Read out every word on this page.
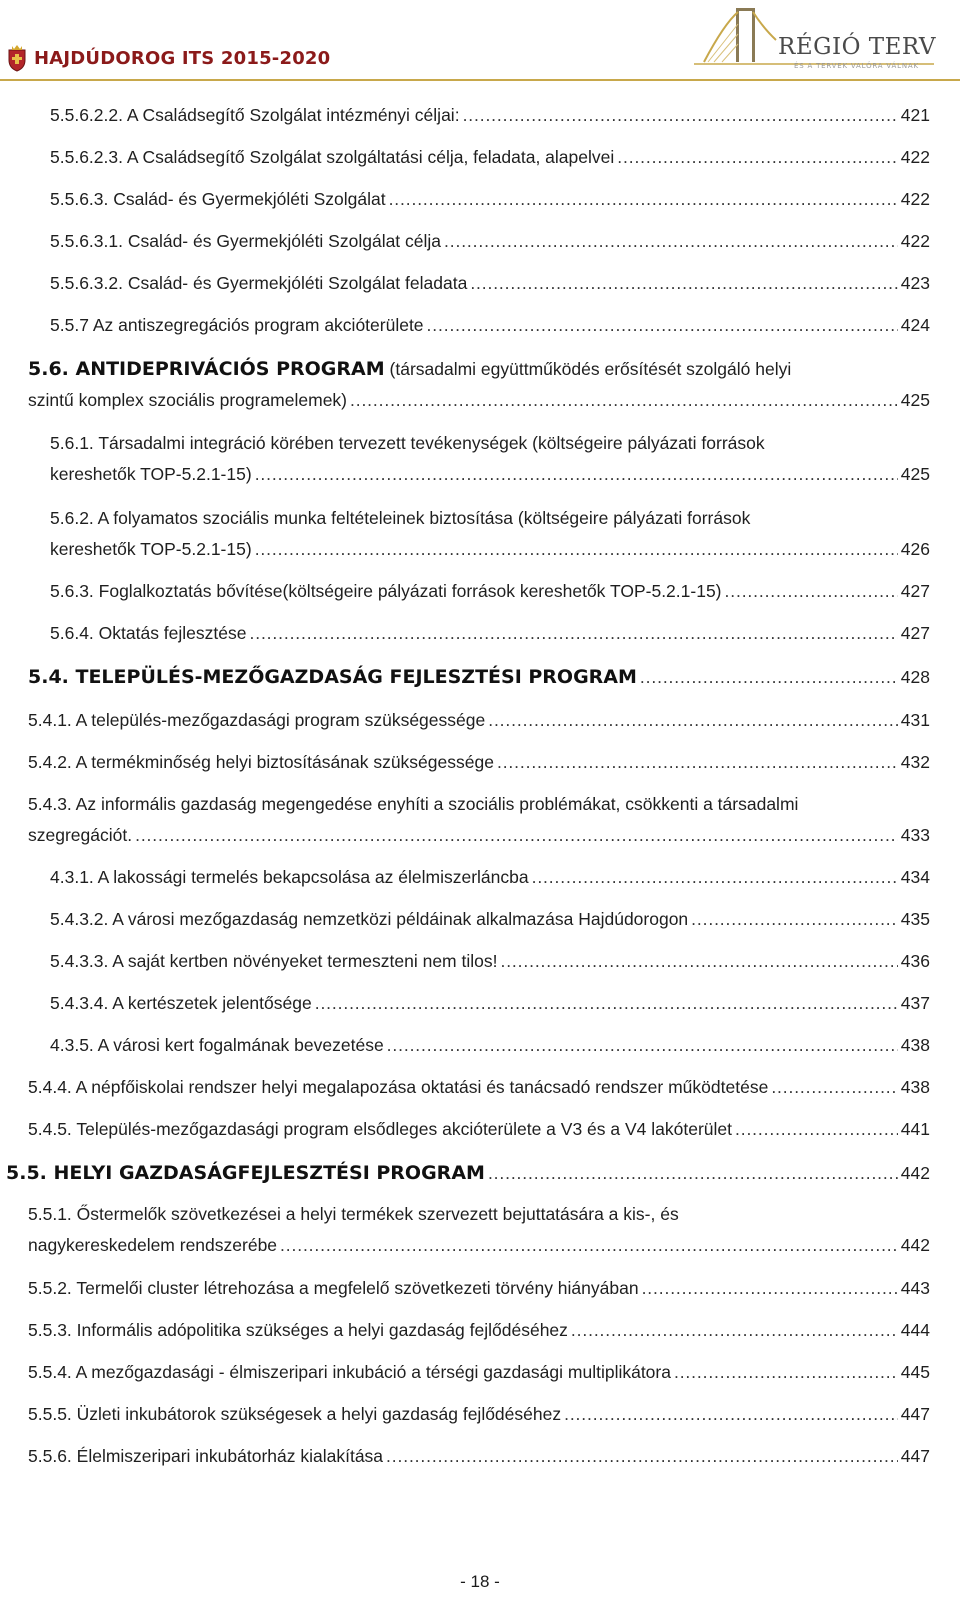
HAJDÚDOROG ITS 2015-2020	RÉGIÓ TERV
ÉS A TERVEK VALÓRA VÁLNAK
5.5.6.2.2. A Családsegítő Szolgálat intézményi céljai: . . .	421
5.5.6.2.3. A Családsegítő Szolgálat szolgáltatási célja, feladata, alapelvei . . .	422
5.5.6.3. Család- és Gyermekjóléti Szolgálat . . .	422
5.5.6.3.1. Család- és Gyermekjóléti Szolgálat célja . . .	422
5.5.6.3.2. Család- és Gyermekjóléti Szolgálat feladata . . .	423
5.5.7 Az antiszegregációs program akcióterülete . . .	424
5.6. ANTIDEPRIVÁCIÓS PROGRAM (társadalmi együttműködés erősítését szolgáló helyi
szintű komplex szociális programelemek) . . .	425
5.6.1. Társadalmi integráció körében tervezett tevékenységek (költségeire pályázati források
kereshetők TOP-5.2.1-15) . . .	425
5.6.2. A folyamatos szociális munka feltételeinek biztosítása (költségeire pályázati források
kereshetők TOP-5.2.1-15) . . .	426
5.6.3. Foglalkoztatás bővítése(költségeire pályázati források kereshetők TOP-5.2.1-15) . . .	427
5.6.4. Oktatás fejlesztése . . .	427
5.4. TELEPÜLÉS-MEZŐGAZDASÁG FEJLESZTÉSI PROGRAM . . .	428
5.4.1. A település-mezőgazdasági program szükségessége . . .	431
5.4.2. A termékminőség helyi biztosításának szükségessége . . .	432
5.4.3. Az informális gazdaság megengedése enyhíti a szociális problémákat, csökkenti a társadalmi
szegregációt. . . .	433
4.3.1. A lakossági termelés bekapcsolása az élelmiszerláncba . . .	434
5.4.3.2. A városi mezőgazdaság nemzetközi példáinak alkalmazása Hajdúdorogon . . .	435
5.4.3.3. A saját kertben növényeket termeszteni nem tilos! . . .	436
5.4.3.4. A kertészetek jelentősége . . .	437
4.3.5. A városi kert fogalmának bevezetése . . .	438
5.4.4. A népfőiskolai rendszer helyi megalapozása oktatási és tanácsadó rendszer működtetése . . .	438
5.4.5. Település-mezőgazdasági program elsődleges akcióterülete a V3 és a V4 lakóterület . . .	441
5.5. HELYI GAZDASÁGFEJLESZTÉSI PROGRAM . . .	442
5.5.1. Őstermelők szövetkezései a helyi termékek szervezett bejuttatására a kis-, és
nagykereskedelem rendszerébe . . .	442
5.5.2. Termelői cluster létrehozása a megfelelő szövetkezeti törvény hiányában . . .	443
5.5.3. Informális adópolitika szükséges a helyi gazdaság fejlődéséhez . . .	444
5.5.4. A mezőgazdasági - élmiszeripari inkubáció a térségi gazdasági multiplikátora . . .	445
5.5.5. Üzleti inkubátorok szükségesek a helyi gazdaság fejlődéséhez . . .	447
5.5.6. Élelmiszeripari inkubátorház kialakítása . . .	447
- 18 -
